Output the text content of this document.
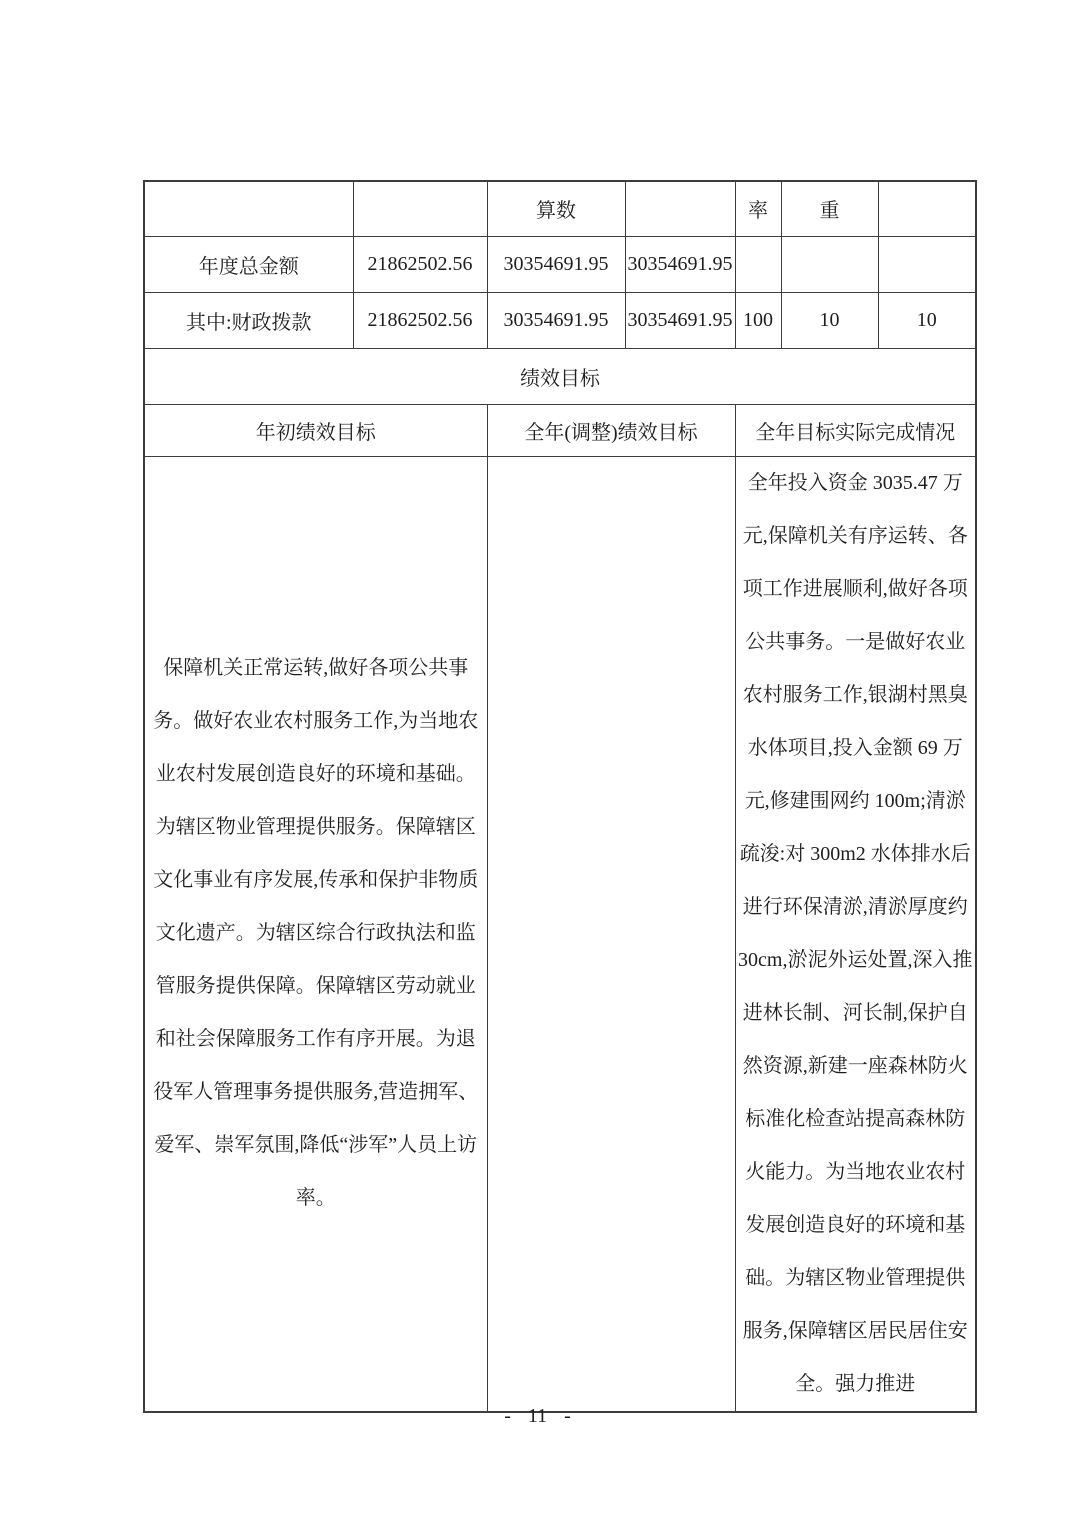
		算数		率	重	
年度总金额	21862502.56	30354691.95	30354691.95			
其中:财政拨款	21862502.56	30354691.95	30354691.95	100	10	10
绩效目标						
年初绩效目标		全年(调整)绩效目标		全年目标实际完成情况		
保障机关正常运转,做好各项公共事务。做好农业农村服务工作,为当地农业农村发展创造良好的环境和基础。为辖区物业管理提供服务。保障辖区文化事业有序发展,传承和保护非物质文化遗产。为辖区综合行政执法和监管服务提供保障。保障辖区劳动就业和社会保障服务工作有序开展。为退役军人管理事务提供服务,营造拥军、爱军、崇军氛围,降低“涉军”人员上访率。				全年投入资金 3035.47 万元,保障机关有序运转、各项工作进展顺利,做好各项公共事务。一是做好农业农村服务工作,银湖村黑臭水体项目,投入金额 69 万元,修建围网约 100m;清淤疏浚:对 300m2 水体排水后进行环保清淤,清淤厚度约 30cm,淤泥外运处置,深入推进林长制、河长制,保护自然资源,新建一座森林防火标准化检查站提高森林防火能力。为当地农业农村发展创造良好的环境和基础。为辖区物业管理提供服务,保障辖区居民居住安全。强力推进		
- 11 -
